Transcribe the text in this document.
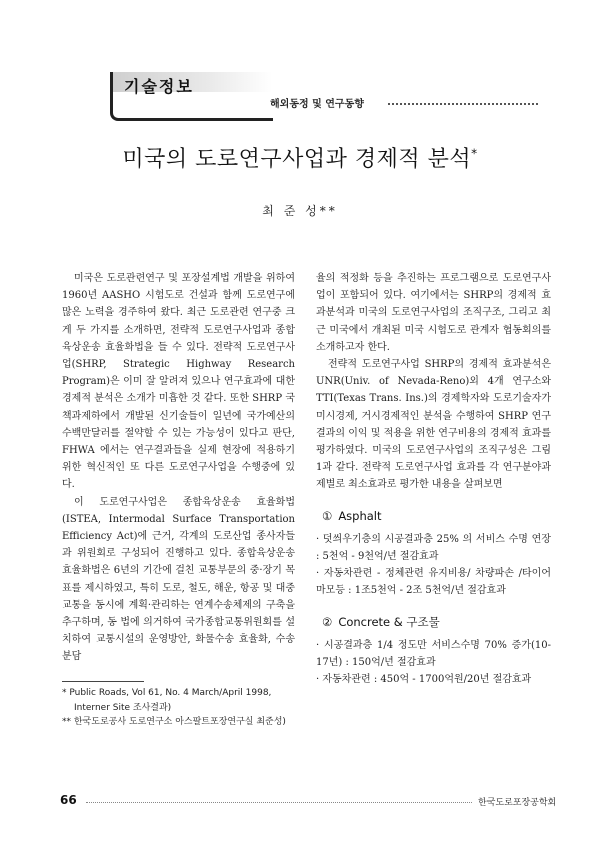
기술정보
해외동정 및 연구동향
미국의 도로연구사업과 경제적 분석*
최 준 성**

미국은 도로관련연구 및 포장설계법 개발을 위하여 1960년 AASHO 시험도로 건설과 함께 도로연구에 많은 노력을 경주하여 왔다. 최근 도로관련 연구중 크게 두 가지를 소개하면, 전략적 도로연구사업과 종합육상운송 효율화법을 들 수 있다. 전략적 도로연구사업(SHRP, Strategic Highway Research Program)은 이미 잘 알려져 있으나 연구효과에 대한 경제적 분석은 소개가 미흡한 것 같다. 또한 SHRP 국책과제하에서 개발된 신기술들이 일년에 국가예산의 수백만달러를 절약할 수 있는 가능성이 있다고 판단, FHWA 에서는 연구결과들을 실제 현장에 적용하기 위한 혁신적인 또 다른 도로연구사업을 수행중에 있다.

이 도로연구사업은 종합육상운송 효율화법(ISTEA, Intermodal Surface Transportation Efficiency Act)에 근거, 각계의 도로산업 종사자들과 위원회로 구성되어 진행하고 있다. 종합육상운송 효율화법은 6년의 기간에 걸친 교통부문의 중·장기 목표를 제시하였고, 특히 도로, 철도, 해운, 항공 및 대중교통을 동시에 계획·관리하는 연계수송체제의 구축을 추구하며, 동 법에 의거하여 국가종합교통위원회를 설치하여 교통시설의 운영방안, 화물수송 효율화, 수송분담

율의 적정화 등을 추진하는 프로그램으로 도로연구사업이 포함되어 있다. 여기에서는 SHRP의 경제적 효과분석과 미국의 도로연구사업의 조직구조, 그리고 최근 미국에서 개최된 미국 시험도로 관계자 협동회의를 소개하고자 한다.

전략적 도로연구사업 SHRP의 경제적 효과분석은 UNR(Univ. of Nevada-Reno)외 4개 연구소와 TTI(Texas Trans. Ins.)의 경제학자와 도로기술자가 미시경제, 거시경제적인 분석을 수행하여 SHRP 연구결과의 이익 및 적용을 위한 연구비용의 경제적 효과를 평가하였다. 미국의 도로연구사업의 조직구성은 그림 1과 같다. 전략적 도로연구사업 효과를 각 연구분야과제별로 최소효과로 평가한 내용을 살펴보면

① Asphalt

· 덧씌우기층의 시공결과층 25% 의 서비스 수명 연장 : 5천억 - 9천억/년 절감효과

· 자동차관련 - 정체관련 유지비용/ 차량파손 /타이어 마모등 : 1조5천억 - 2조 5천억/년 절감효과

② Concrete & 구조물

· 시공결과층 1/4 정도만 서비스수명 70% 증가(10-17년) : 150억/년 절감효과

· 자동차관련 : 450억 - 1700억원/20년 절감효과

* Public Roads, Vol 61, No. 4 March/April 1998, Interner Site 조사결과)

** 한국도로공사 도로연구소 아스팔트포장연구실 최준성)

66	한국도로포장공학회
